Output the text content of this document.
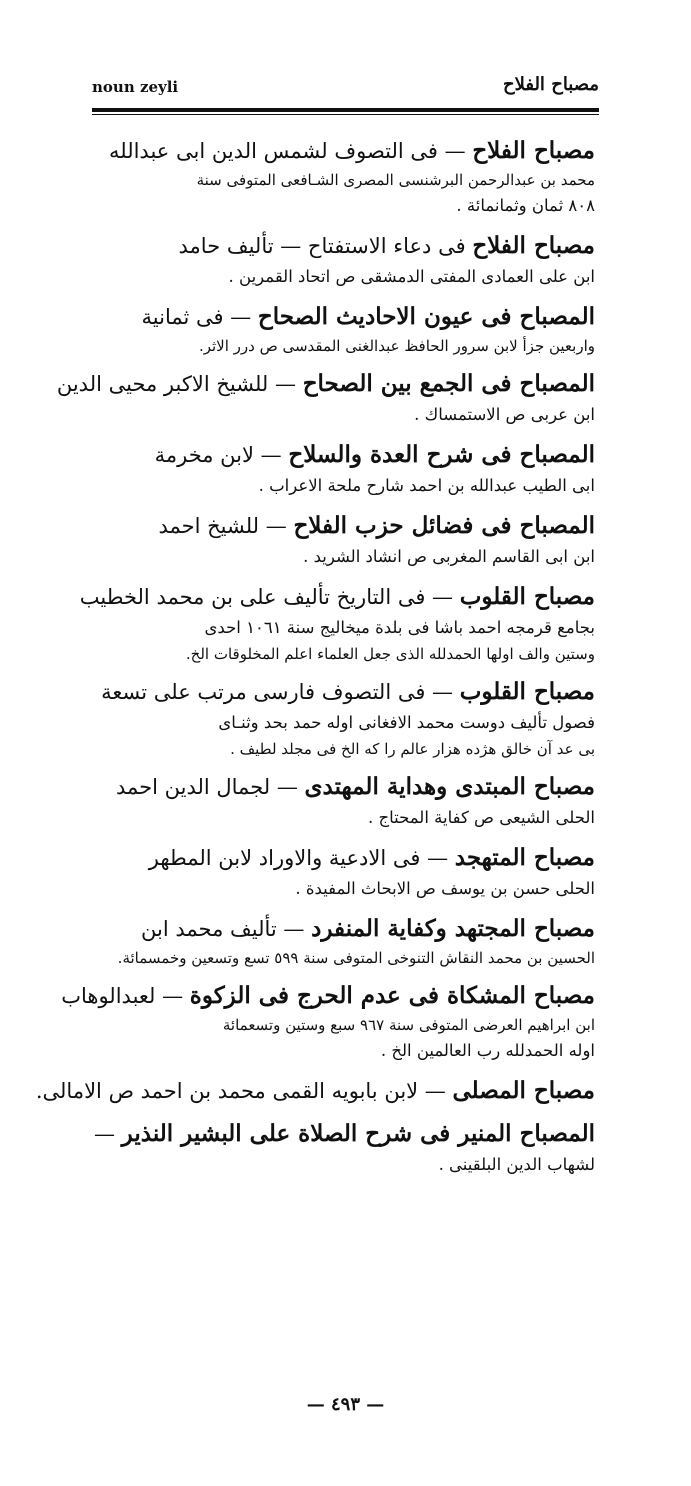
noun zeyli	مصباح الفلاح
مصباح الفلاح — فى التصوف لشمس الدين ابى عبدالله
محمد بن عبدالرحمن البرشنسى المصرى الشـافعى المتوفى سنة
٨٠٨ ثمان وثمانمائة .
مصباح الفلاح فى دعاء الاستفتاح — تأليف حامد
ابن على العمادى المفتى الدمشقى ص اتحاد القمرين .
المصباح فى عيون الاحاديث الصحاح — فى ثمانية
واربعين جزأ لابن سرور الحافظ عبدالغنى المقدسى ص درر الاثر.
المصباح فى الجمع بين الصحاح — للشيخ الاكبر محيى الدين
ابن عربى ص الاستمساك .
المصباح فى شرح العدة والسلاح — لابن مخرمة
ابى الطيب عبدالله بن احمد شارح ملحة الاعراب .
المصباح فى فضائل حزب الفلاح — للشيخ احمد
ابن ابى القاسم المغربى ص انشاد الشريد .
مصباح القلوب — فى التاريخ تأليف على بن محمد الخطيب
بجامع قرمجه احمد باشا فى بلدة ميخاليج سنة ١٠٦١ احدى
وستين والف اولها الحمدلله الذى جعل العلماء اعلم المخلوقات الخ.
مصباح القلوب — فى التصوف فارسى مرتب على تسعة
فصول تأليف دوست محمد الافغانى اوله حمد بحد وثنـاى
بى عد آن خالق هژده هزار عالم را كه الخ فى مجلد لطيف .
مصباح المبتدى وهداية المهتدى — لجمال الدين احمد
الحلى الشيعى ص كفاية المحتاج .
مصباح المتهجد — فى الادعية والاوراد لابن المطهر
الحلى حسن بن يوسف ص الابحاث المفيدة .
مصباح المجتهد وكفاية المنفرد — تأليف محمد ابن
الحسين بن محمد النقاش التنوخى المتوفى سنة ٥٩٩ تسع وتسعين وخمسمائة.
مصباح المشكاة فى عدم الحرج فى الزكوة — لعبدالوهاب
ابن ابراهيم العرضى المتوفى سنة ٩٦٧ سبع وستين وتسعمائة
اوله الحمدلله رب العالمين الخ .
مصباح المصلى — لابن بابويه القمى محمد بن احمد ص الامالى.
المصباح المنير فى شرح الصلاة على البشير النذير —
لشهاب الدين البلقينى .
— ٤٩٣ —
